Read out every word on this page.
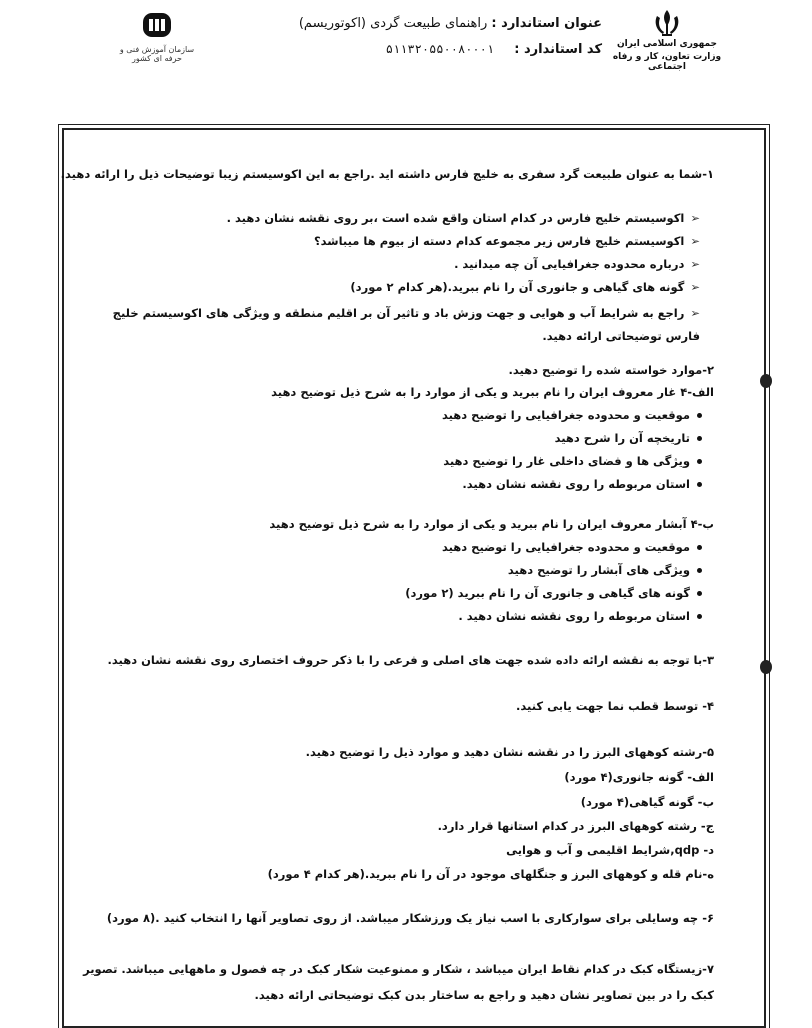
جمهوری اسلامی ایران
وزارت تعاون، کار و رفاه اجتماعی
عنوان استاندارد : راهنمای طبیعت گردی (اکوتوریسم)
کد استاندارد : ۵۱۱۳۲۰۵۵۰۰۸۰۰۰۱
سازمان آموزش فنی و حرفه ای کشور
۱-شما به عنوان طبیعت گرد سفری به خلیج فارس داشته اید .راجع به این اکوسیستم زیبا توضیحات ذیل را ارائه دهید.
➢اکوسیستم خلیج فارس در کدام استان واقع شده است ،بر روی نقشه نشان دهید .
➢اکوسیستم خلیج فارس زیر مجموعه کدام دسته از بیوم ها میباشد؟
➢درباره محدوده جغرافیایی آن چه میدانید .
➢گونه های گیاهی و جانوری آن را نام ببرید.(هر کدام ۲ مورد)
➢راجع به شرایط آب و هوایی و جهت وزش باد و تاثیر آن بر اقلیم منطقه و ویژگی های اکوسیستم خلیج فارس توضیحاتی ارائه دهید.
۲-موارد خواسته شده را توضیح دهید.
الف-۴ غار معروف ایران را نام ببرید و یکی از موارد را به شرح ذیل توضیح دهید
موقعیت و محدوده جغرافیایی را توضیح دهید
تاریخچه آن را شرح دهید
ویژگی ها و فضای داخلی غار را توضیح دهید
استان مربوطه را روی نقشه نشان دهید.
ب-۴ آبشار معروف ایران را نام ببرید و یکی از موارد را به شرح ذیل توضیح دهید
موقعیت و محدوده جغرافیایی را توضیح دهید
ویژگی های آبشار را توضیح دهید
گونه های گیاهی و جانوری آن را نام ببرید (۲ مورد)
استان مربوطه را روی نقشه نشان دهید .
۳-با توجه به نقشه ارائه داده شده جهت های اصلی و فرعی را با ذکر حروف اختصاری روی نقشه نشان دهید.
۴- توسط قطب نما جهت یابی کنید.
۵-رشته کوههای البرز را در نقشه نشان دهید و موارد ذیل را توضیح دهید.
الف- گونه جانوری(۴ مورد)
ب- گونه گیاهی(۴ مورد)
ج- رشته کوههای البرز در کدام استانها قرار دارد.
د- qdp,شرایط اقلیمی و آب و هوایی
ه-نام قله و کوههای البرز و جنگلهای موجود در آن را نام ببرید.(هر کدام ۴ مورد)
۶- چه وسایلی برای سوارکاری با اسب نیاز یک ورزشکار میباشد. از روی تصاویر آنها را انتخاب کنید .(۸ مورد)
۷-زیستگاه کبک در کدام نقاط ایران میباشد ، شکار و ممنوعیت شکار کبک در چه فصول و ماههایی میباشد. تصویر کبک را در بین تصاویر نشان دهید و راجع به ساختار بدن کبک توضیحاتی ارائه دهید.
